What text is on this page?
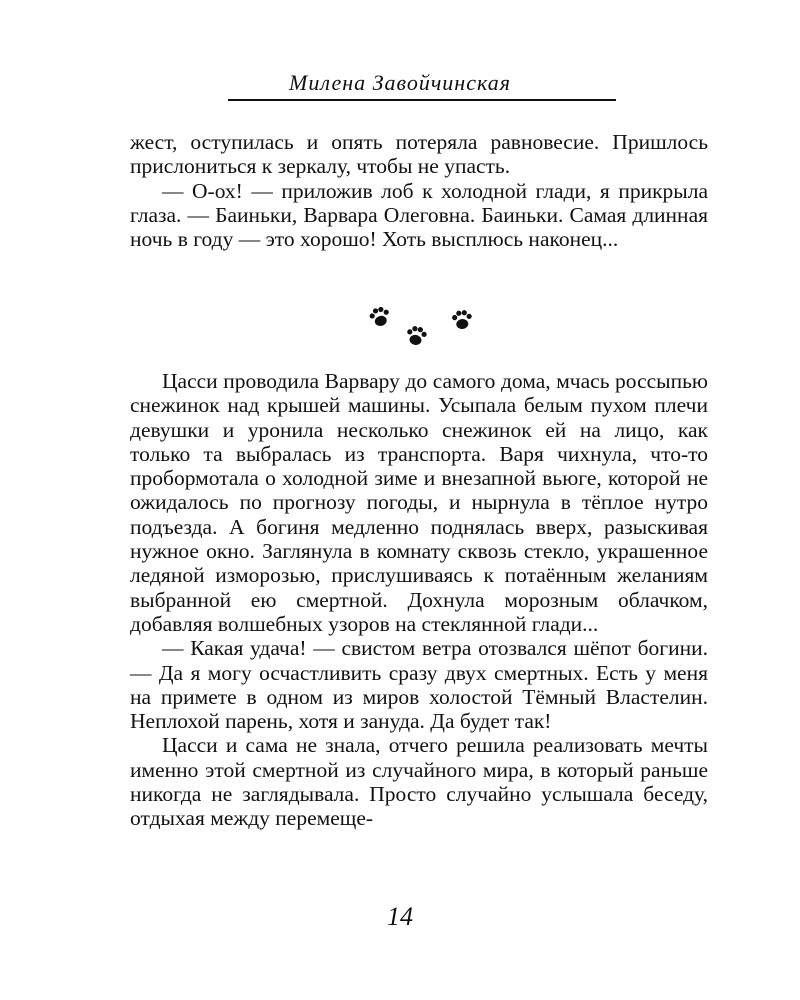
Милена Завойчинская

жест, оступилась и опять потеряла равновесие. Пришлось прислониться к зеркалу, чтобы не упасть.

— О-ох! — приложив лоб к холодной глади, я прикрыла глаза. — Баиньки, Варвара Олеговна. Баиньки. Самая длинная ночь в году — это хорошо! Хоть высплюсь наконец...

Цасси проводила Варвару до самого дома, мчась россыпью снежинок над крышей машины. Усыпала белым пухом плечи девушки и уронила несколько снежинок ей на лицо, как только та выбралась из транспорта. Варя чихнула, что-то пробормотала о холодной зиме и внезапной вьюге, которой не ожидалось по прогнозу погоды, и нырнула в тёплое нутро подъезда. А богиня медленно поднялась вверх, разыскивая нужное окно. Заглянула в комнату сквозь стекло, украшенное ледяной изморозью, прислушиваясь к потаённым желаниям выбранной ею смертной. Дохнула морозным облачком, добавляя волшебных узоров на стеклянной глади...

— Какая удача! — свистом ветра отозвался шёпот богини. — Да я могу осчастливить сразу двух смертных. Есть у меня на примете в одном из миров холостой Тёмный Властелин. Неплохой парень, хотя и зануда. Да будет так!

Цасси и сама не знала, отчего решила реализовать мечты именно этой смертной из случайного мира, в который раньше никогда не заглядывала. Просто случайно услышала беседу, отдыхая между перемеще-

14
